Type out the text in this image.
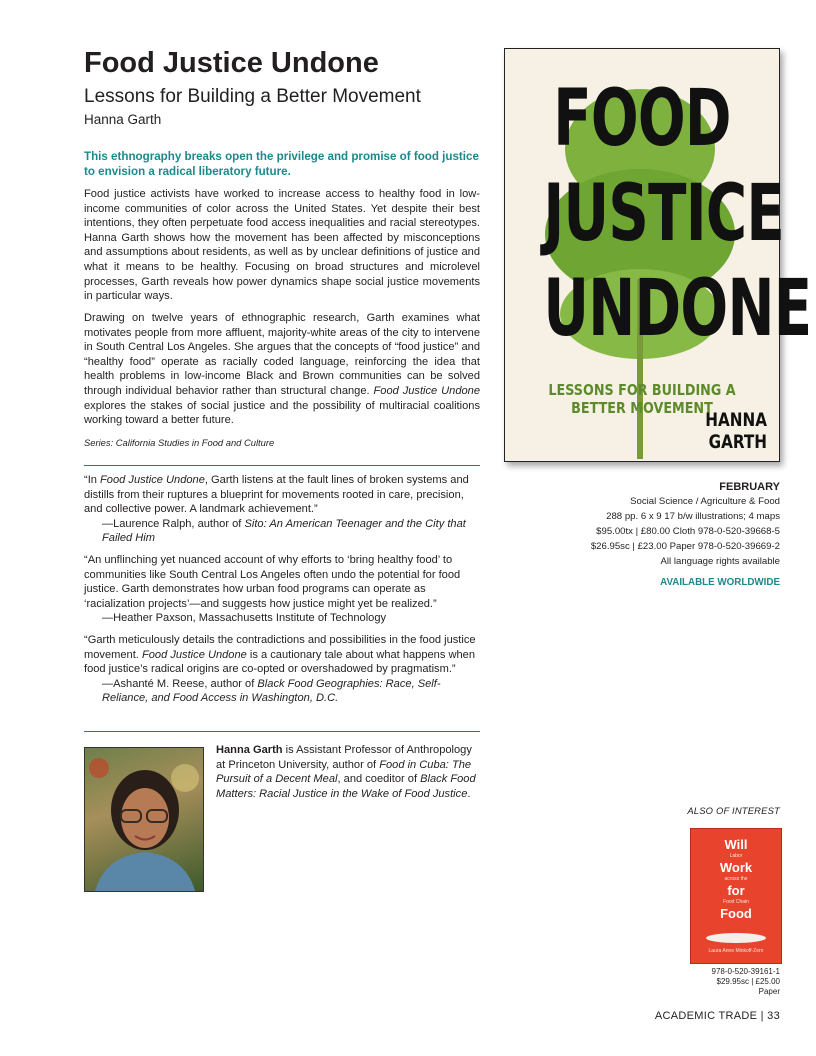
Food Justice Undone
Lessons for Building a Better Movement
Hanna Garth
This ethnography breaks open the privilege and promise of food justice to envision a radical liberatory future.
Food justice activists have worked to increase access to healthy food in low-income communities of color across the United States. Yet despite their best intentions, they often perpetuate food access inequalities and racial stereotypes. Hanna Garth shows how the movement has been affected by misconceptions and assumptions about residents, as well as by unclear definitions of justice and what it means to be healthy. Focusing on broad structures and microlevel processes, Garth reveals how power dynamics shape social justice movements in particular ways.
Drawing on twelve years of ethnographic research, Garth examines what motivates people from more affluent, majority-white areas of the city to intervene in South Central Los Angeles. She argues that the concepts of “food justice” and “healthy food” operate as racially coded language, reinforcing the idea that health problems in low-income Black and Brown communities can be solved through individual behavior rather than structural change. Food Justice Undone explores the stakes of social justice and the possibility of multiracial coalitions working toward a better future.
Series: California Studies in Food and Culture
“In Food Justice Undone, Garth listens at the fault lines of broken systems and distills from their ruptures a blueprint for movements rooted in care, precision, and collective power. A landmark achievement.”
—Laurence Ralph, author of Sito: An American Teenager and the City that Failed Him
“An unflinching yet nuanced account of why efforts to ‘bring healthy food’ to communities like South Central Los Angeles often undo the potential for food justice. Garth demonstrates how urban food programs can operate as ‘racialization projects’—and suggests how justice might yet be realized.”
—Heather Paxson, Massachusetts Institute of Technology
“Garth meticulously details the contradictions and possibilities in the food justice movement. Food Justice Undone is a cautionary tale about what happens when food justice’s radical origins are co-opted or overshadowed by pragmatism.”
—Ashanté M. Reese, author of Black Food Geographies: Race, Self-Reliance, and Food Access in Washington, D.C.
Hanna Garth is Assistant Professor of Anthropology at Princeton University, author of Food in Cuba: The Pursuit of a Decent Meal, and coeditor of Black Food Matters: Racial Justice in the Wake of Food Justice.
FOOD
JUSTICE
UNDONE
LESSONS FOR BUILDING A BETTER MOVEMENT
HANNA GARTH
FEBRUARY
Social Science / Agriculture & Food
288 pp. 6 x 9 17 b/w illustrations; 4 maps
$95.00tx | £80.00 Cloth 978-0-520-39668-5
$26.95sc | £23.00 Paper 978-0-520-39669-2
All language rights available
AVAILABLE WORLDWIDE
ALSO OF INTEREST
Will
Labor
Work
across the
for
Food Chain
Food
Laura Anne Minkoff-Zern
978-0-520-39161-1
$29.95sc | £25.00
Paper
ACADEMIC TRADE | 33
